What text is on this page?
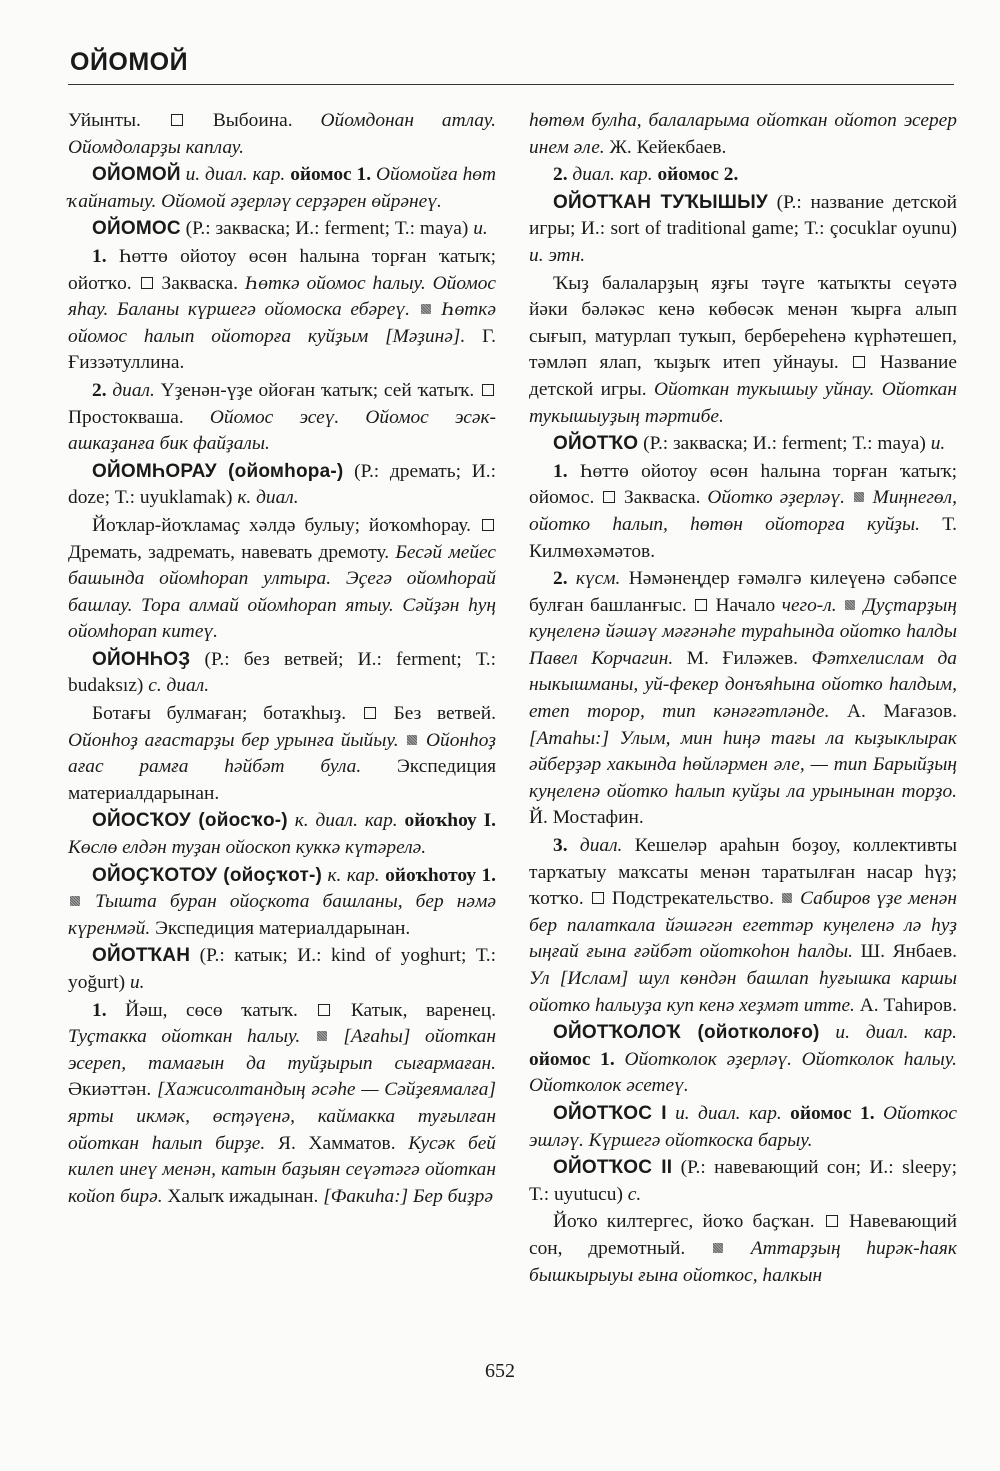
ОЙОМОЙ

Уйынты.	Выбоина. Ойомдонан атлау. Ойомдоларҙы каплау.

ОЙОМОЙ и. диал. кар. ойомос 1. Ойомойға һөт ҡайнатыу. Ойомой әҙерләү серҙәрен өйрәнеү.

ОЙОМОС (Р.: закваска; И.: ferment; Т.: maya) и.

1. Һөттө ойотоу өсөн һалына торған ҡатыҡ; ойотҡо. Закваска. Һөткә ойомос һалыу. Ойомос яһау. Баланы күршегә ойомоска ебәреү. Һөткә ойомос һалып ойоторға куйҙым [Мәҙинә]. Г. Ғиззәтуллина.

2. диал. Үҙенән-үҙе ойоған ҡатыҡ; сей ҡатыҡ.  Простокваша. Ойомос эсеү. Ойомос эсәк-ашкаҙанға бик файҙалы.

ОЙОМҺОРАУ (ойомһора-) (Р.: дремать; И.: doze; Т.: uyuklamak) к. диал.

Йоҡлар-йоҡламаҫ хәлдә булыу; йоҡомһорау.  Дремать, задремать, навевать дремоту. Бесәй мейес башында ойомһорап ултыра. Эҫегә ойомһорай башлау. Тора алмай ойомһорап ятыу. Сәйҙән һуң ойомһорап китеү.

ОЙОНҺОҘ (Р.: без ветвей; И.: ferment; Т.: budaksız) с. диал.

Ботағы булмаған; ботаҡһыҙ. Без ветвей. Ойонһоҙ ағастарҙы бер урынға йыйыу. Ойонһоҙ ағас рамға һәйбәт була. Экспедиция материалдарынан.

ОЙОСҠОУ (ойосҡо-) к. диал. кар. ойоҡһоу I. Көслө елдән туҙан ойоскоп куккә күтәрелә.

ОЙОҪҠОТОУ (ойоҫҡот-) к. кар. ойоҡһотоу 1.  Тышта буран ойоҫкота башланы, бер нәмә күренмәй. Экспедиция материалдарынан.

ОЙОТҠАН (Р.: катык; И.: kind of yoghurt; Т.: yoğurt) и.

1. Йәш, сөсө ҡатыҡ.	Катык, варенец. Туҫтакка ойоткан һалыу. [Ағаһы] ойоткан эсереп, тамағын да туйҙырып сығармаған. Әкиәттән. [Хажисолтандың әсәһе — Сәйҙеямалға] ярты икмәк, өсҭәүенә, каймакка туғылған ойоткан һалып бирҙе. Я. Хамматов. Кусәк бей килеп инеү менән, катын баҙыян сеүәтәгә ойоткан койоп бирә. Халыҡ ижадынан. [Факиһа:] Бер биҙрә

һөтөм булһа, балаларыма ойоткан ойотоп эсерер инем әле. Ж. Кейекбаев.

2. диал. кар. ойомос 2.

ОЙОТҠАН ТУҠЫШЫУ (Р.: название детской игры; И.: sort of traditional game; Т.: çocuklar oyunu) и. этн.

Ҡыҙ балаларҙың яҙғы тәүге ҡатыҡты сеүәтә йәки бәләкәс кенә көбөсәк менән ҡырға алып сығып, матурлап туҡып, бербереһенә күрһәтешеп, тәмләп ялап, ҡыҙыҡ итеп уйнауы. Название детской игры. Ойоткан тукышыу уйнау. Ойоткан тукышыуҙың тәртибе.

ОЙОТҠО (Р.: закваска; И.: ferment; Т.: maya) и.

1. Һөттө ойотоу өсөн һалына торған ҡатыҡ; ойомос. Закваска. Ойотко әҙерләү. Миңнегөл, ойотко һалып, һөтөн ойоторға куйҙы. Т. Килмөхәмәтов.

2. күсм. Нәмәнеңдер ғәмәлгә килеүенә сәбәпсе булған башланғыс. Начало чего-л. Дуҫтарҙың куңеленә йәшәү мәғәнәһе тураһында ойотко һалды Павел Корчагин. М. Ғиләжев. Фәтхелислам да ныкышманы, уй-фекер донъяһына ойотко һалдым, етеп торор, тип кәнәғәтләнде. А. Мағазов. [Атаһы:] Улым, мин һиңә тағы ла кыҙыклырак әйберҙәр хакында һөйләрмен әле, — тип Барыйҙың куңеленә ойотко һалып куйҙы ла урынынан торҙо. Й. Мостафин.

3. диал. Кешеләр араһын боҙоу, коллективты тарҡатыу маҡсаты менән таратылған насар һүҙ; ҡотҡо. Подстрекательство. Сабиров үҙе менән бер палаткала йәшәгән егеттәр куңеленә лә һуҙ ыңғай ғына ғәйбәт ойоткоһон һалды. Ш. Янбаев. Ул [Ислам] шул көндән башлап һуғышка каршы ойотко һалыуҙа куп кенә хеҙмәт итте. А. Таһиров.

ОЙОТҠОЛОҠ (ойотколоғо) и. диал. кар. ойомос 1. Ойотколок әҙерләү. Ойотколок һалыу. Ойотколок әсетеү.

ОЙОТҠОС I и. диал. кар. ойомос 1. Ойоткос эшләү. Күршегә ойоткоска барыу.

ОЙОТҠОС II (Р.: навевающий сон; И.: sleepy; Т.: uyutucu) с.

Йоҡо килтергес, йоҡо баҫҡан. Навевающий сон, дремотный.	Аттарҙың һирәк-һаяк бышкырыуы ғына ойоткос, һалкын

652
